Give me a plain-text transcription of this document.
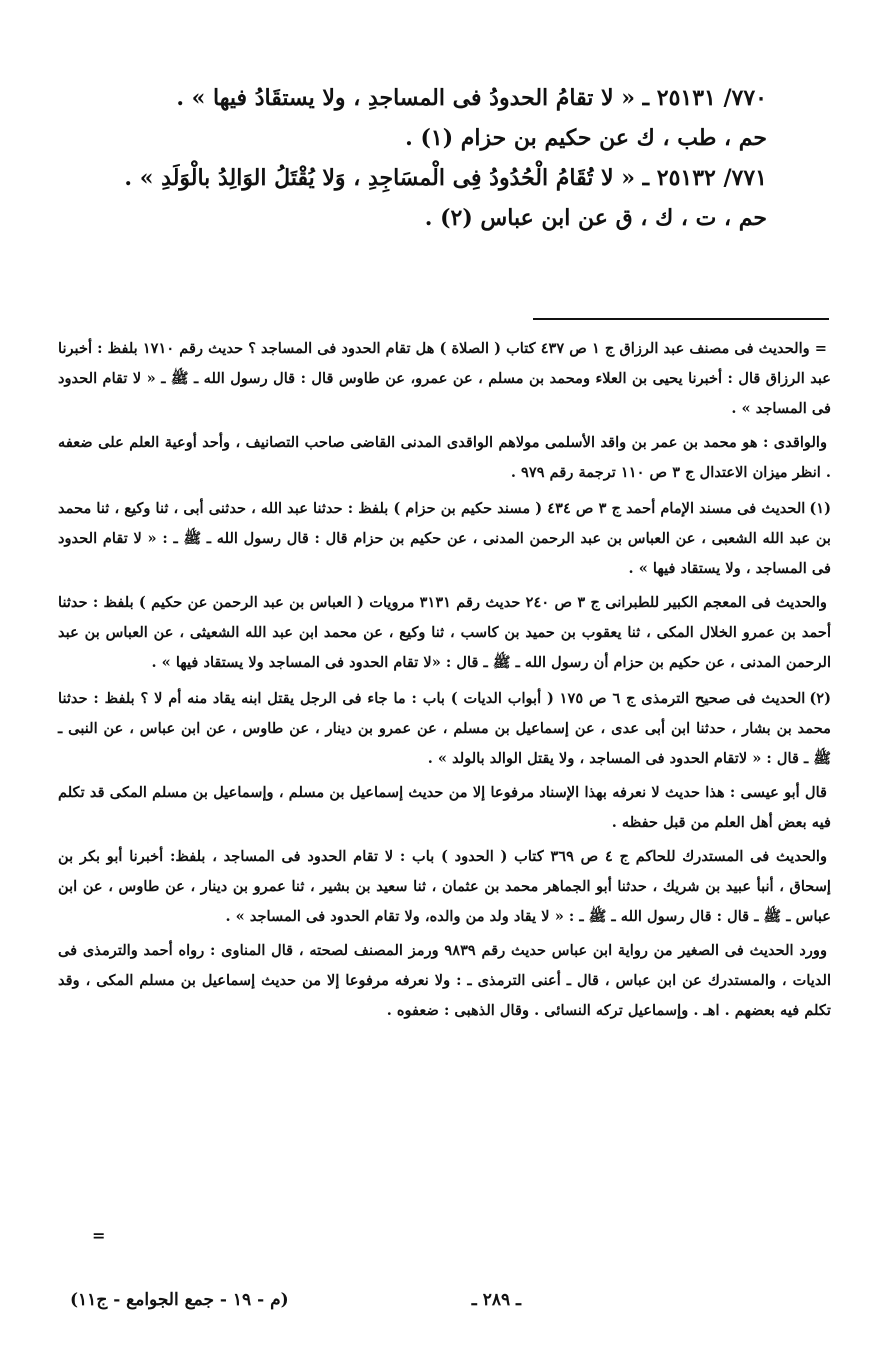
٧٧٠/ ٢٥١٣١ ـ « لا تقامُ الحدودُ فى المساجدِ ، ولا يستقَادُ فيها » .

حم ، طب ، ك عن حكيم بن حزام (١) .

٧٧١/ ٢٥١٣٢ ـ « لا تُقَامُ الْحُدُودُ فِى الْمسَاجِدِ ، وَلا يُقْتَلُ الوَالِدُ بالْوَلَدِ » .

حم ، ت ، ك ، ق عن ابن عباس (٢) .

= والحديث فى مصنف عبد الرزاق ج ١ ص ٤٣٧ كتاب ( الصلاة ) هل تقام الحدود فى المساجد ؟ حديث رقم ١٧١٠ بلفظ : أخبرنا عبد الرزاق قال : أخبرنا يحيى بن العلاء ومحمد بن مسلم ، عن عمرو، عن طاوس قال : قال رسول الله ـ ﷺ ـ « لا تقام الحدود فى المساجد » .

والواقدى : هو محمد بن عمر بن واقد الأسلمى مولاهم الواقدى المدنى القاضى صاحب التصانيف ، وأحد أوعية العلم على ضعفه . انظر ميزان الاعتدال ج ٣ ص ١١٠ ترجمة رقم ٩٧٩ .

(١)الحديث فى مسند الإمام أحمد ج ٣ ص ٤٣٤ ( مسند حكيم بن حزام ) بلفظ : حدثنا عبد الله ، حدثنى أبى ، ثنا وكيع ، ثنا محمد بن عبد الله الشعبى ، عن العباس بن عبد الرحمن المدنى ، عن حكيم بن حزام قال : قال رسول الله ـ ﷺ ـ : « لا تقام الحدود فى المساجد ، ولا يستقاد فيها » .

والحديث فى المعجم الكبير للطبرانى ج ٣ ص ٢٤٠ حديث رقم ٣١٣١ مرويات ( العباس بن عبد الرحمن عن حكيم ) بلفظ : حدثنا أحمد بن عمرو الخلال المكى ، ثنا يعقوب بن حميد بن كاسب ، ثنا وكيع ، عن محمد ابن عبد الله الشعيثى ، عن العباس بن عبد الرحمن المدنى ، عن حكيم بن حزام أن رسول الله ـ ﷺ ـ قال : «لا تقام الحدود فى المساجد ولا يستقاد فيها » .

(٢)الحديث فى صحيح الترمذى ج ٦ ص ١٧٥ ( أبواب الديات ) باب : ما جاء فى الرجل يقتل ابنه يقاد منه أم لا ؟ بلفظ : حدثنا محمد بن بشار ، حدثنا ابن أبى عدى ، عن إسماعيل بن مسلم ، عن عمرو بن دينار ، عن طاوس ، عن ابن عباس ، عن النبى ـ ﷺ ـ قال : « لاتقام الحدود فى المساجد ، ولا يقتل الوالد بالولد » .

قال أبو عيسى : هذا حديث لا نعرفه بهذا الإسناد مرفوعا إلا من حديث إسماعيل بن مسلم ، وإسماعيل بن مسلم المكى قد تكلم فيه بعض أهل العلم من قبل حفظه .

والحديث فى المستدرك للحاكم ج ٤ ص ٣٦٩ كتاب ( الحدود ) باب : لا تقام الحدود فى المساجد ، بلفظ: أخبرنا أبو بكر بن إسحاق ، أنبأ عبيد بن شريك ، حدثنا أبو الجماهر محمد بن عثمان ، ثنا سعيد بن بشير ، ثنا عمرو بن دينار ، عن طاوس ، عن ابن عباس ـ ﷺ ـ قال : قال رسول الله ـ ﷺ ـ : « لا يقاد ولد من والده، ولا تقام الحدود فى المساجد » .

وورد الحديث فى الصغير من رواية ابن عباس حديث رقم ٩٨٣٩ ورمز المصنف لصحته ، قال المناوى : رواه أحمد والترمذى فى الديات ، والمستدرك عن ابن عباس ، قال ـ أعنى الترمذى ـ : ولا نعرفه مرفوعا إلا من حديث إسماعيل بن مسلم المكى ، وقد تكلم فيه بعضهم . اهـ . وإسماعيل تركه النسائى . وقال الذهبى : ضعفوه .

=
ـ ٢٨٩ ـ
(م - ١٩ - جمع الجوامع - ج١١)
